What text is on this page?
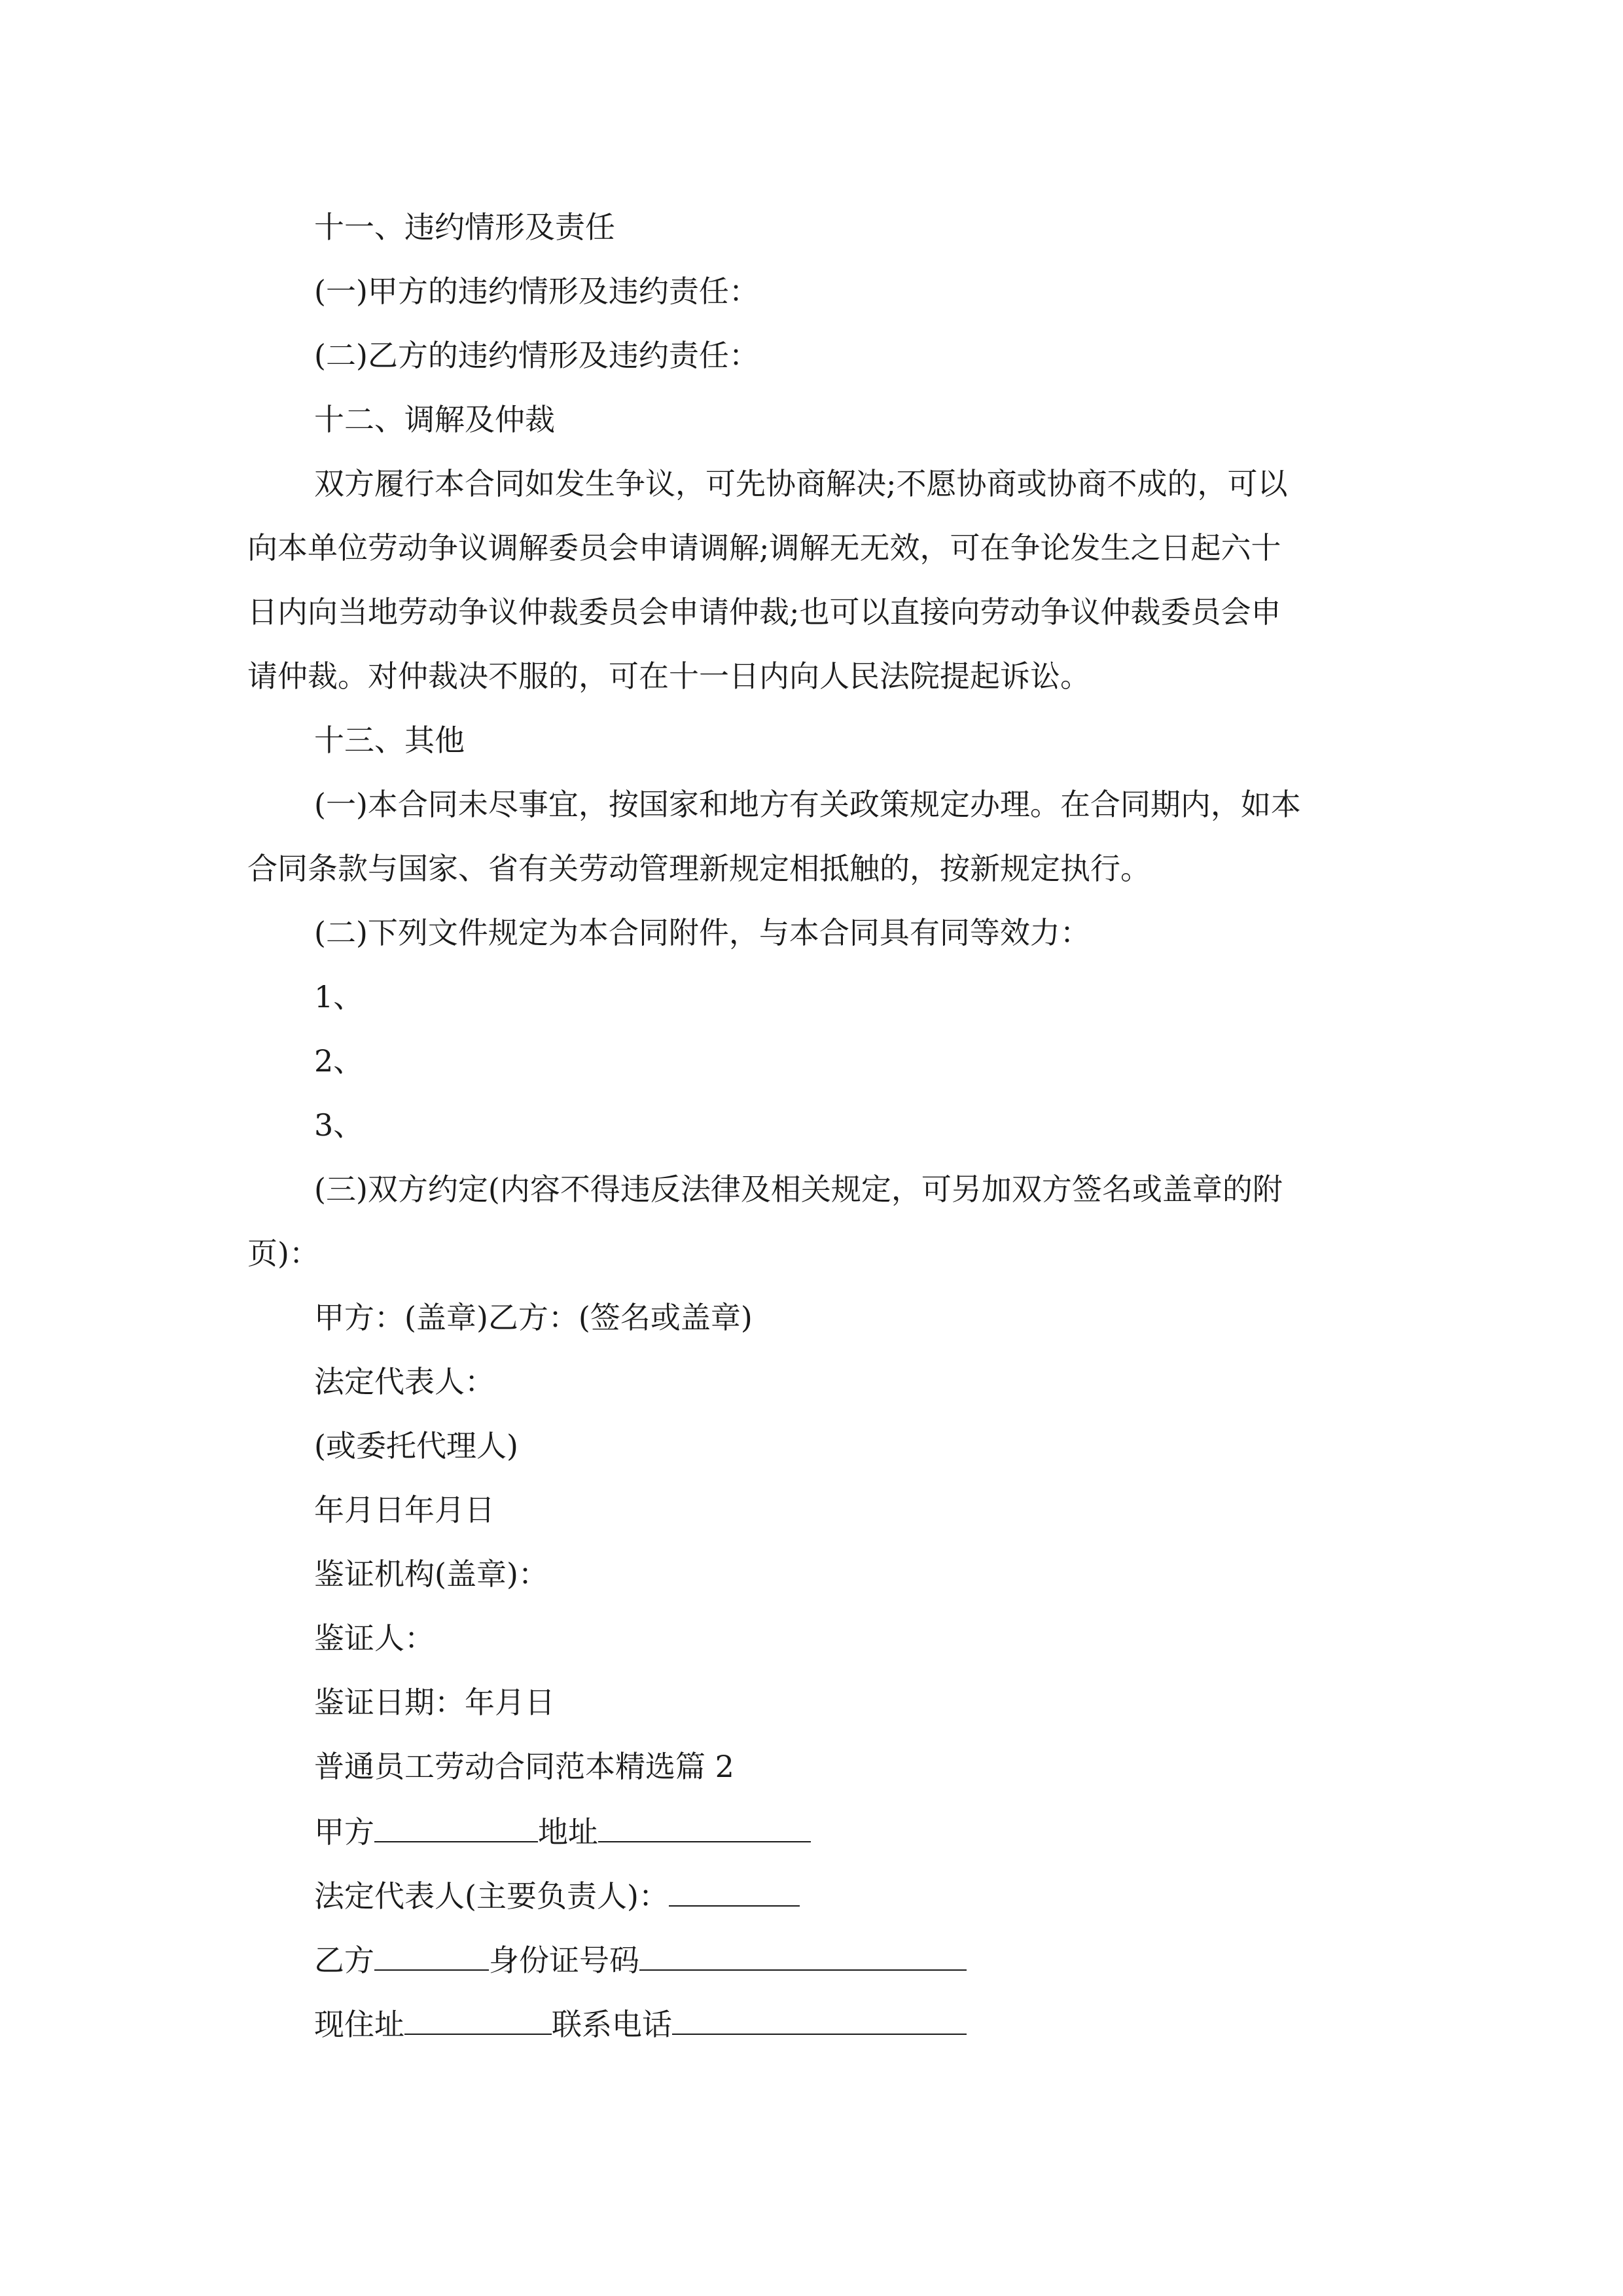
十一、违约情形及责任
(一)甲方的违约情形及违约责任：
(二)乙方的违约情形及违约责任：
十二、调解及仲裁
双方履行本合同如发生争议，可先协商解决;不愿协商或协商不成的，可以
向本单位劳动争议调解委员会申请调解;调解无无效，可在争论发生之日起六十
日内向当地劳动争议仲裁委员会申请仲裁;也可以直接向劳动争议仲裁委员会申
请仲裁。对仲裁决不服的，可在十一日内向人民法院提起诉讼。
十三、其他
(一)本合同未尽事宜，按国家和地方有关政策规定办理。在合同期内，如本
合同条款与国家、省有关劳动管理新规定相抵触的，按新规定执行。
(二)下列文件规定为本合同附件，与本合同具有同等效力：
1、
2、
3、
(三)双方约定(内容不得违反法律及相关规定，可另加双方签名或盖章的附
页)：
甲方：(盖章)乙方：(签名或盖章)
法定代表人：
(或委托代理人)
年月日年月日
鉴证机构(盖章)：
鉴证人：
鉴证日期：年月日
普通员工劳动合同范本精选篇 2
甲方	地址
法定代表人(主要负责人)：
乙方	身份证号码
现住址	联系电话
